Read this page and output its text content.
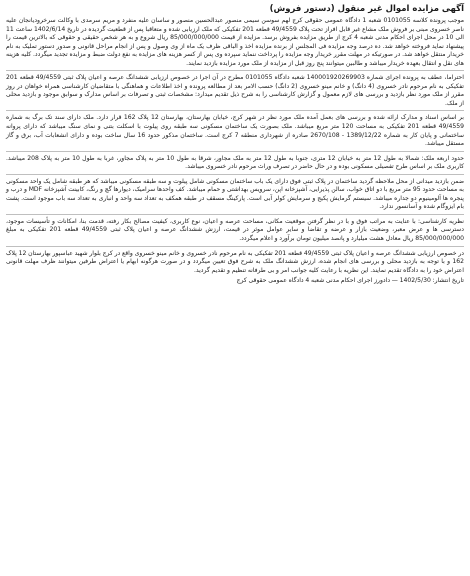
آگهی مزایده اموال غیر منقول (دستور فروش)
موجب پرونده کلاسه 0101055 شعبه 1 دادگاه عمومی حقوقی کرج لهم سوسن سیمی منصور عبدالحسین منصور و ساسان علیه منفرد و مریم سرمدی با وکالت سرخرودیانجان علیه ناصر خسروی مبنی بر فروش ملک مشاع غیر قابل افراز تحت پلاک 49/4559 قطعه 201 تفکیکی که ملک ارزیابی شده و متعاقبا پس از قطعیت گردیده در تاریخ 1402/6/14 ساعت 11 الی 10 در محل اجرای احکام مدنی شعبه 4 کرج از طریق مزایده بفروش برسد. مزایده از قیمت 85/000/000/000 ریال شروع و به هر شخص حقیقی و حقوقی که بالاترین قیمت را پیشنهاد نماید فروخته خواهد شد. ده درصد وجه مزایده فی المجلس از برنده مزایده اخذ و الباقی ظرف یک ماه از وی وصول و پس از انجام مراحل قانونی و صدور دستور تملیک به نام خریدار منتقل خواهد شد. در صورتیکه در مهلت مقرر خریدار وجه مزایده را پرداخت ننماید سپرده وی پس از کسر هزینه های مزایده به نفع دولت ضبط و مزایده تجدید میگردد. کلیه هزینه های نقل و انتقال بعهده خریدار میباشد و طالبین میتوانند پنج روز قبل از مزایده از ملک مورد مزایده بازدید نمایند.
احتراما، عطف به پرونده اجرای شماره 140001920269903 شعبه دادگاه 0101055 مطرح در آن اجرا در خصوص ارزیابی ششدانگ عرصه و اعیان پلاک ثبتی 49/4559 قطعه 201 تفکیکی به نام مرحوم نادر خسروی (4 دانگ) و خانم مینو خسروی (2 دانگ) حسب الامر بعد از مطالعه پرونده و اخذ اطلاعات و هماهنگی با متقاضیان کارشناسی همراه خواهان در روز مقرر از ملک مورد نظر بازدید و بررسی های لازم معمول و گزارش کارشناسی را به شرح ذیل تقدیم میدارد: مشخصات ثبتی و تصرفات بر اساس مدارک و سوابق موجود و بازدید محلی از ملک.
بر اساس اسناد و مدارک ارائه شده و بررسی های بعمل آمده ملک مورد نظر در شهر کرج، خیابان بهارستان، بهارستان 12 پلاک 162 قرار دارد. ملک دارای سند تک برگ به شماره 49/4559 قطعه 201 تفکیکی به مساحت 120 متر مربع میباشد. ملک بصورت یک ساختمان مسکونی سه طبقه روی پیلوت با اسکلت بتنی و نمای سنگ میباشد که دارای پروانه ساختمانی و پایان کار به شماره 1389/12/22 - 2670/108 صادره از شهرداری منطقه 7 کرج است. ساختمان مذکور حدود 16 سال ساخت بوده و دارای انشعابات آب، برق و گاز مستقل میباشد.
حدود اربعه ملک: شمالا به طول 12 متر به خیابان 12 متری، جنوبا به طول 12 متر به ملک مجاور، شرقا به طول 10 متر به پلاک مجاور، غربا به طول 10 متر به پلاک 208 میباشد. کاربری ملک بر اساس طرح تفصیلی مسکونی بوده و در حال حاضر در تصرف وراث مرحوم نادر خسروی میباشد.
ضمن بازدید میدانی از محل ملاحظه گردید ساختمان در پلاک ثبتی فوق دارای یک باب ساختمان مسکونی شامل پیلوت و سه طبقه مسکونی میباشد که هر طبقه شامل یک واحد مسکونی به مساحت حدود 95 متر مربع با دو اتاق خواب، سالن پذیرایی، آشپزخانه اپن، سرویس بهداشتی و حمام میباشد. کف واحدها سرامیک، دیوارها گچ و رنگ، کابینت آشپزخانه MDF و درب و پنجره ها آلومینیوم دو جداره میباشد. سیستم گرمایش پکیج و سرمایش کولر آبی است. پارکینگ مسقف در طبقه همکف به تعداد سه واحد و انباری به تعداد سه باب موجود است. پشت بام ایزوگام شده و آسانسور ندارد.
نظریه کارشناسی: با عنایت به مراتب فوق و با در نظر گرفتن موقعیت مکانی، مساحت عرصه و اعیان، نوع کاربری، کیفیت مصالح بکار رفته، قدمت بنا، امکانات و تأسیسات موجود، دسترسی ها و عرض معبر، وضعیت بازار و عرضه و تقاضا و سایر عوامل موثر در قیمت، ارزش ششدانگ عرصه و اعیان پلاک ثبتی 49/4559 قطعه 201 تفکیکی به مبلغ 85/000/000/000 ریال معادل هشت میلیارد و پانصد میلیون تومان برآورد و اعلام میگردد.
در خصوص ارزیابی ششدانگ عرصه و اعیان پلاک ثبتی 49/4559 قطعه 201 تفکیکی به نام مرحوم نادر خسروی و خانم مینو خسروی واقع در کرج بلوار شهید عباسپور بهارستان 12 پلاک 162 و با توجه به بازدید محلی و بررسی های انجام شده، ارزش ششدانگ ملک به شرح فوق تعیین میگردد و در صورت هرگونه ابهام یا اعتراض طرفین میتوانند ظرف مهلت قانونی اعتراض خود را به دادگاه تقدیم نمایند. این نظریه با رعایت کلیه جوانب امر و بی طرفانه تنظیم و تقدیم گردید.
تاریخ انتشار: 1402/5/30 — دادورز اجرای احکام مدنی شعبه 4 دادگاه عمومی حقوقی کرج
